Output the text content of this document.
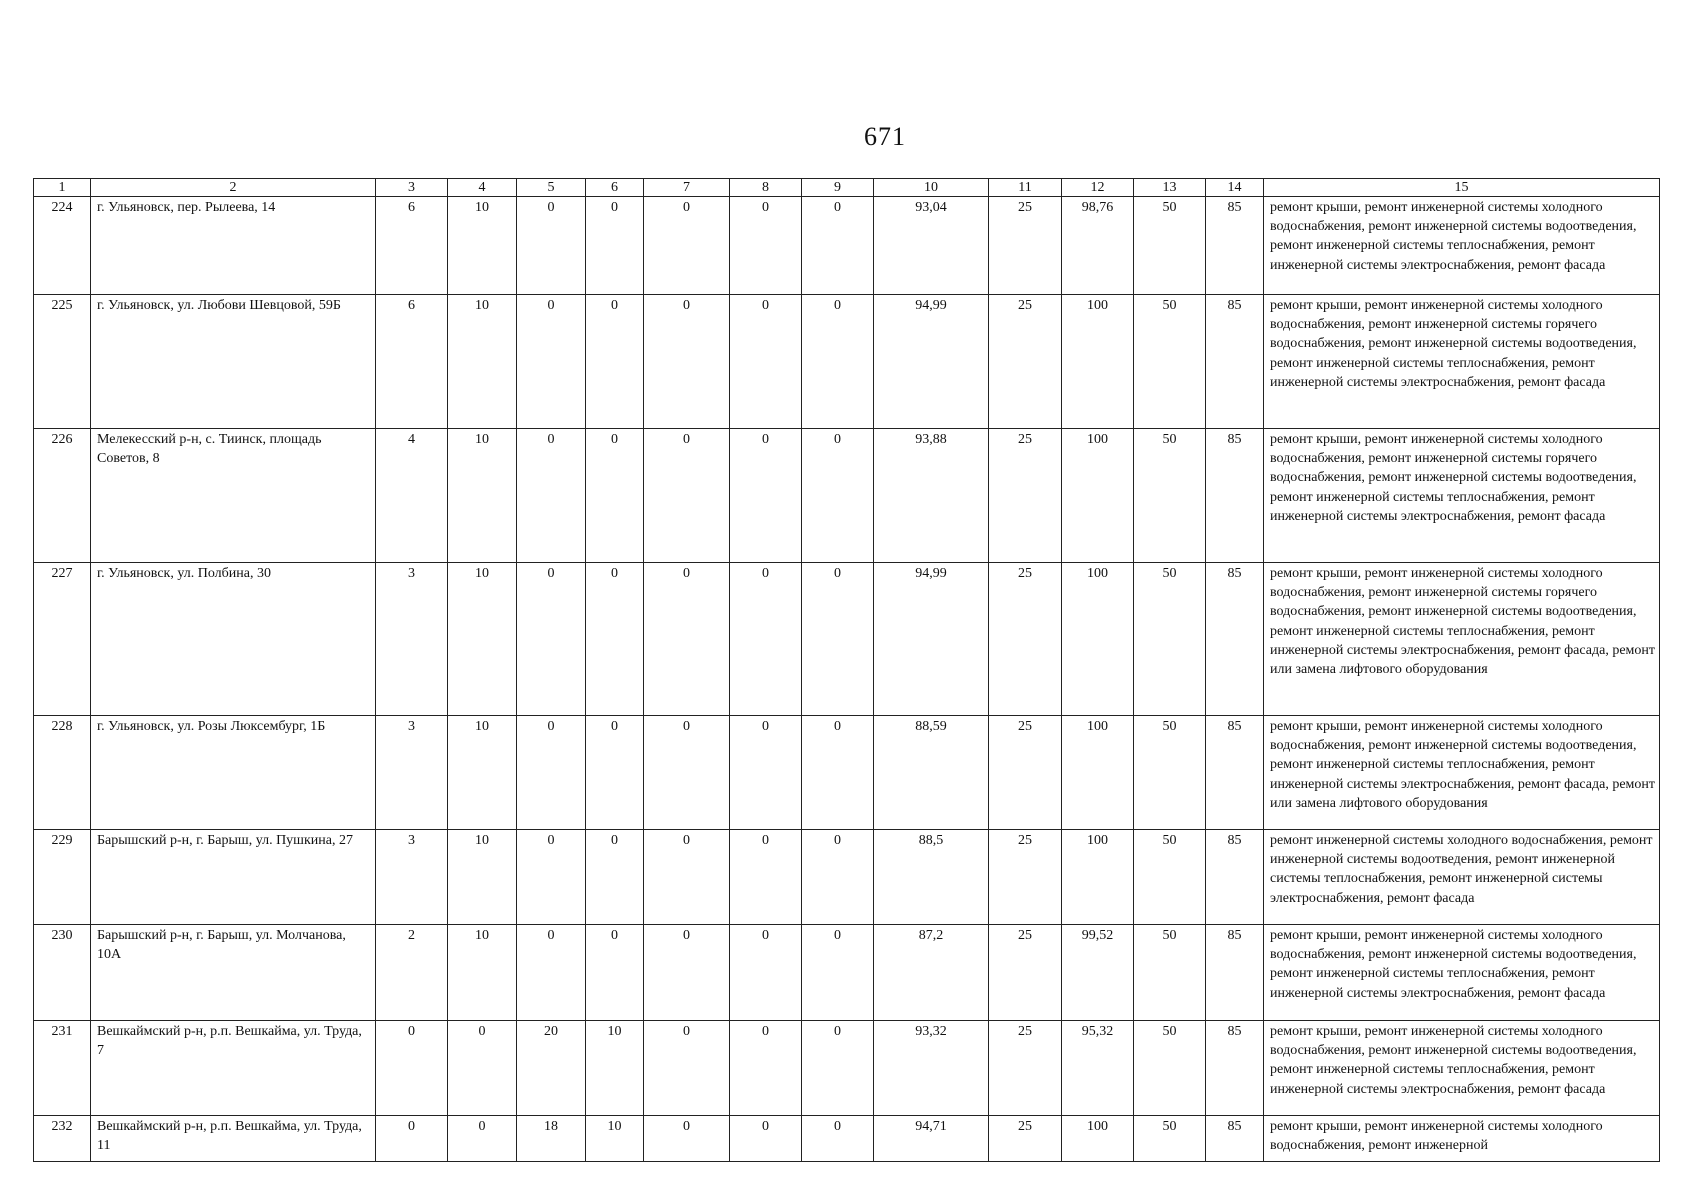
671
1	2	3	4	5	6	7	8	9	10	11	12	13	14	15
224	г. Ульяновск, пер. Рылеева, 14	6	10	0	0	0	0	0	93,04	25	98,76	50	85	ремонт крыши, ремонт инженерной системы холодного водоснабжения, ремонт инженерной системы водоотведения, ремонт инженерной системы теплоснабжения, ремонт инженерной системы электроснабжения, ремонт фасада
225	г. Ульяновск, ул. Любови Шевцовой, 59Б	6	10	0	0	0	0	0	94,99	25	100	50	85	ремонт крыши, ремонт инженерной системы холодного водоснабжения, ремонт инженерной системы горячего водоснабжения, ремонт инженерной системы водоотведения, ремонт инженерной системы теплоснабжения, ремонт инженерной системы электроснабжения, ремонт фасада
226	Мелекесский р-н, с. Тиинск, площадь Советов, 8	4	10	0	0	0	0	0	93,88	25	100	50	85	ремонт крыши, ремонт инженерной системы холодного водоснабжения, ремонт инженерной системы горячего водоснабжения, ремонт инженерной системы водоотведения, ремонт инженерной системы теплоснабжения, ремонт инженерной системы электроснабжения, ремонт фасада
227	г. Ульяновск, ул. Полбина, 30	3	10	0	0	0	0	0	94,99	25	100	50	85	ремонт крыши, ремонт инженерной системы холодного водоснабжения, ремонт инженерной системы горячего водоснабжения, ремонт инженерной системы водоотведения, ремонт инженерной системы теплоснабжения, ремонт инженерной системы электроснабжения, ремонт фасада, ремонт или замена лифтового оборудования
228	г. Ульяновск, ул. Розы Люксембург, 1Б	3	10	0	0	0	0	0	88,59	25	100	50	85	ремонт крыши, ремонт инженерной системы холодного водоснабжения, ремонт инженерной системы водоотведения, ремонт инженерной системы теплоснабжения, ремонт инженерной системы электроснабжения, ремонт фасада, ремонт или замена лифтового оборудования
229	Барышский р-н, г. Барыш, ул. Пушкина, 27	3	10	0	0	0	0	0	88,5	25	100	50	85	ремонт инженерной системы холодного водоснабжения, ремонт инженерной системы водоотведения, ремонт инженерной системы теплоснабжения, ремонт инженерной системы электроснабжения, ремонт фасада
230	Барышский р-н, г. Барыш, ул. Молчанова, 10А	2	10	0	0	0	0	0	87,2	25	99,52	50	85	ремонт крыши, ремонт инженерной системы холодного водоснабжения, ремонт инженерной системы водоотведения, ремонт инженерной системы теплоснабжения, ремонт инженерной системы электроснабжения, ремонт фасада
231	Вешкаймский р-н, р.п. Вешкайма, ул. Труда, 7	0	0	20	10	0	0	0	93,32	25	95,32	50	85	ремонт крыши, ремонт инженерной системы холодного водоснабжения, ремонт инженерной системы водоотведения, ремонт инженерной системы теплоснабжения, ремонт инженерной системы электроснабжения, ремонт фасада
232	Вешкаймский р-н, р.п. Вешкайма, ул. Труда, 11	0	0	18	10	0	0	0	94,71	25	100	50	85	ремонт крыши, ремонт инженерной системы холодного водоснабжения, ремонт инженерной
